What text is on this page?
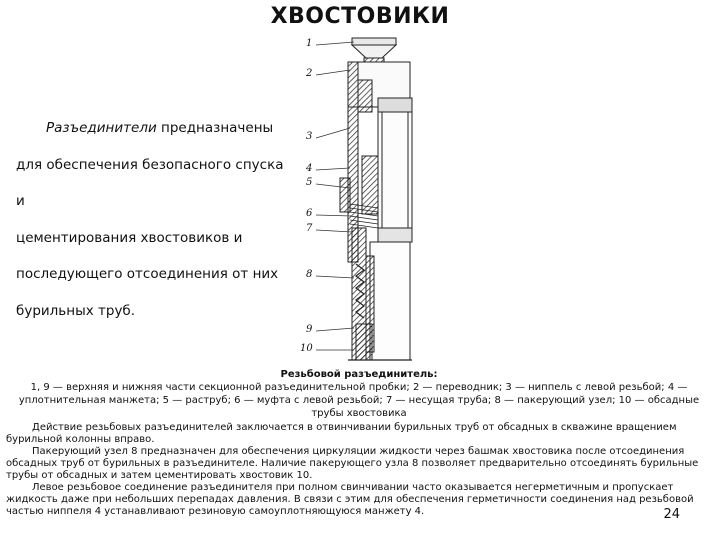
ХВОСТОВИКИ
Разъединители предназначены
для обеспечения безопасного спуска и
цементирования хвостовиков и
последующего отсоединения от них
бурильных труб.
1
2
3
4
5
6
7
8
9
10
Резьбовой разъединитель:
1, 9 — верхняя и нижняя части секционной разъединительной пробки; 2 — переводник; 3 — ниппель с левой резьбой; 4 — уплотнительная манжета; 5 — раструб; 6 — муфта с левой резьбой; 7 — несущая труба; 8 — пакерующий узел; 10 — обсадные трубы хвостовика

Действие резьбовых разъединителей заключается в отвинчивании бурильных труб от обсадных в скважине вращением бурильной колонны вправо.

Пакерующий узел 8 предназначен для обеспечения циркуляции жидкости через башмак хвостовика после отсоединения обсадных труб от бурильных в разъединителе. Наличие пакерующего узла 8 позволяет предварительно отсоединять бурильные трубы от обсадных и затем цементировать хвостовик 10.

Левое резьбовое соединение разъединителя при полном свинчивании часто оказывается негерметичным и пропускает жидкость даже при небольших перепадах давления. В связи с этим для обеспечения герметичности соединения над резьбовой частью ниппеля 4 устанавливают резиновую самоуплотняющуюся манжету 4.	24
